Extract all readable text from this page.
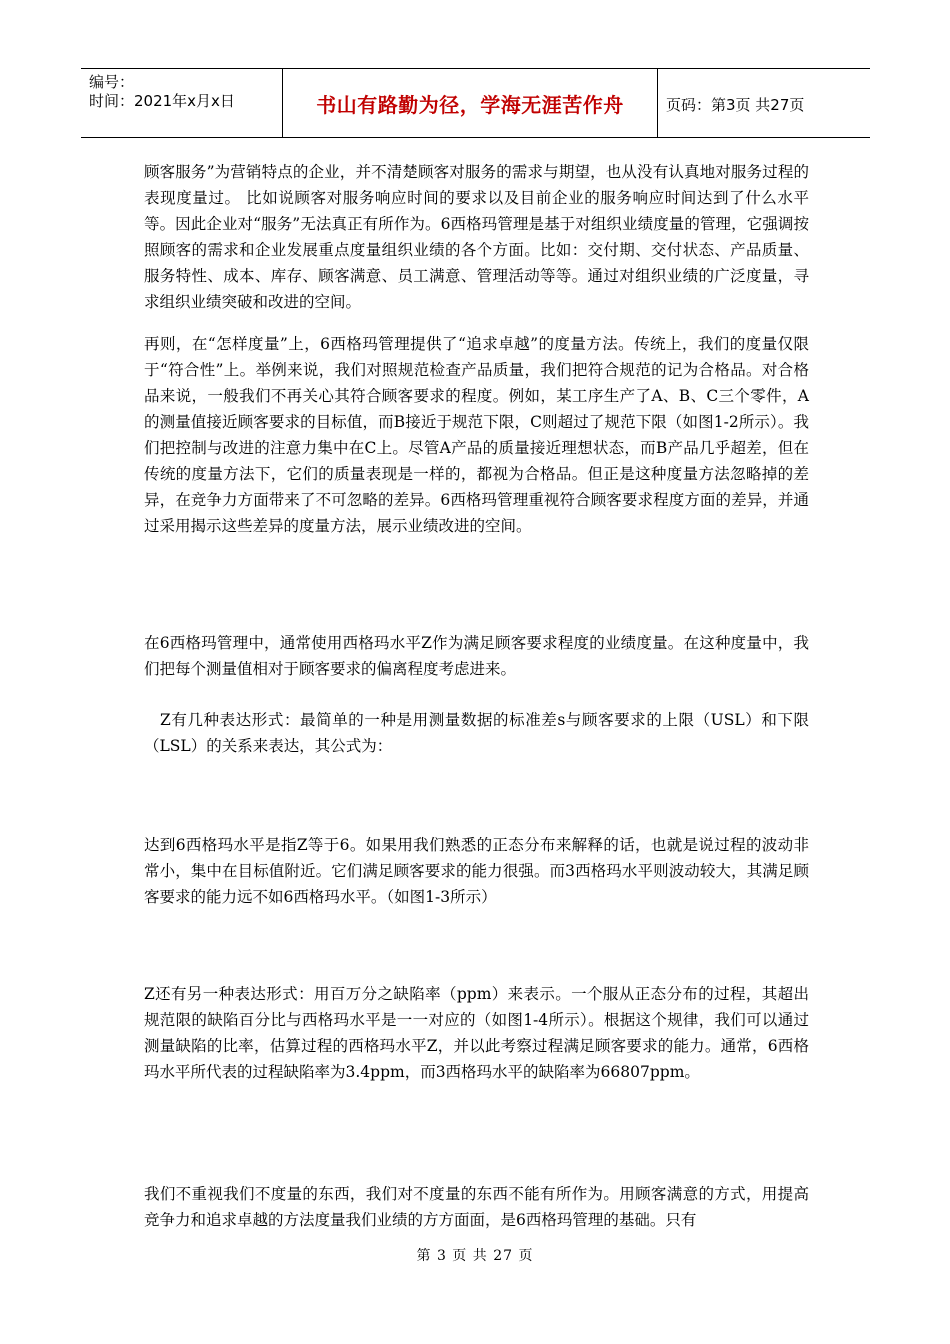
编号：
时间：2021年x月x日	书山有路勤为径，学海无涯苦作舟	页码：第3页 共27页

顾客服务”为营销特点的企业，并不清楚顾客对服务的需求与期望，也从没有认真地对服务过程的表现度量过。 比如说顾客对服务响应时间的要求以及目前企业的服务响应时间达到了什么水平等。因此企业对“服务”无法真正有所作为。6西格玛管理是基于对组织业绩度量的管理，它强调按照顾客的需求和企业发展重点度量组织业绩的各个方面。比如：交付期、交付状态、产品质量、服务特性、成本、库存、顾客满意、员工满意、管理活动等等。通过对组织业绩的广泛度量，寻求组织业绩突破和改进的空间。

再则，在“怎样度量”上，6西格玛管理提供了“追求卓越”的度量方法。传统上，我们的度量仅限于“符合性”上。举例来说，我们对照规范检查产品质量，我们把符合规范的记为合格品。对合格品来说，一般我们不再关心其符合顾客要求的程度。例如，某工序生产了A、B、C三个零件，A的测量值接近顾客要求的目标值，而B接近于规范下限，C则超过了规范下限（如图1-2所示）。我们把控制与改进的注意力集中在C上。尽管A产品的质量接近理想状态，而B产品几乎超差，但在传统的度量方法下，它们的质量表现是一样的，都视为合格品。但正是这种度量方法忽略掉的差异，在竞争力方面带来了不可忽略的差异。6西格玛管理重视符合顾客要求程度方面的差异，并通过采用揭示这些差异的度量方法，展示业绩改进的空间。

在6西格玛管理中，通常使用西格玛水平Z作为满足顾客要求程度的业绩度量。在这种度量中，我们把每个测量值相对于顾客要求的偏离程度考虑进来。

Z有几种表达形式：最简单的一种是用测量数据的标准差s与顾客要求的上限（USL）和下限（LSL）的关系来表达，其公式为：

达到6西格玛水平是指Z等于6。如果用我们熟悉的正态分布来解释的话，也就是说过程的波动非常小，集中在目标值附近。它们满足顾客要求的能力很强。而3西格玛水平则波动较大，其满足顾客要求的能力远不如6西格玛水平。（如图1-3所示）

Z还有另一种表达形式：用百万分之缺陷率（ppm）来表示。一个服从正态分布的过程，其超出规范限的缺陷百分比与西格玛水平是一一对应的（如图1-4所示）。根据这个规律，我们可以通过测量缺陷的比率，估算过程的西格玛水平Z，并以此考察过程满足顾客要求的能力。通常，6西格玛水平所代表的过程缺陷率为3.4ppm，而3西格玛水平的缺陷率为66807ppm。

我们不重视我们不度量的东西，我们对不度量的东西不能有所作为。用顾客满意的方式，用提高竞争力和追求卓越的方法度量我们业绩的方方面面，是6西格玛管理的基础。只有

第 3 页 共 27 页
